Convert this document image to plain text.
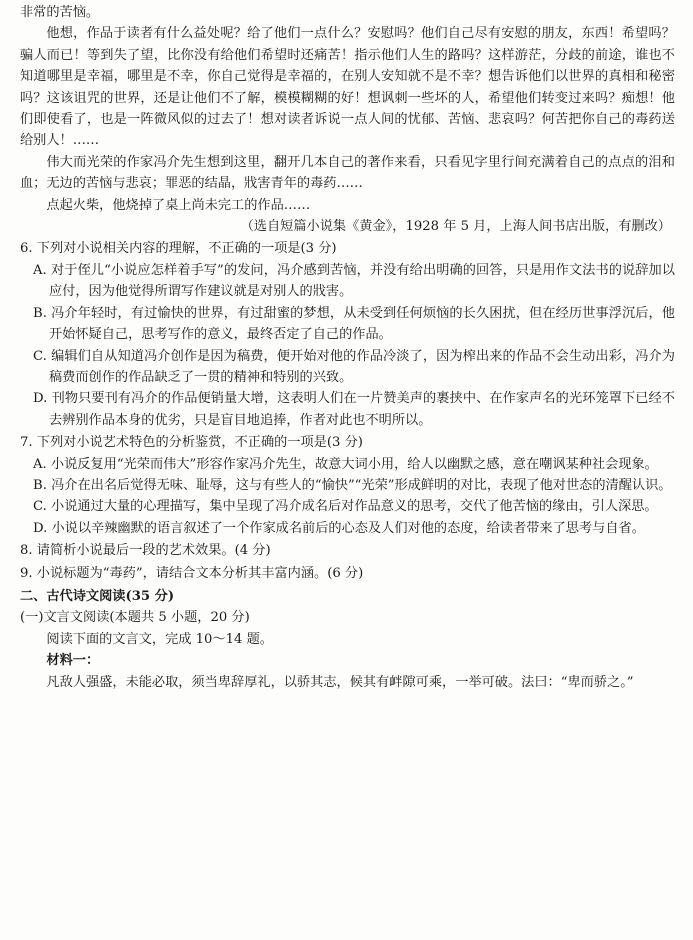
非常的苦恼。

他想，作品于读者有什么益处呢？给了他们一点什么？安慰吗？他们自己尽有安慰的朋友，东西！希望吗？骗人而已！等到失了望，比你没有给他们希望时还痛苦！指示他们人生的路吗？这样游茫，分歧的前途，谁也不知道哪里是幸福，哪里是不幸，你自己觉得是幸福的，在别人安知就不是不幸？想告诉他们以世界的真相和秘密吗？这该诅咒的世界，还是让他们不了解，模模糊糊的好！想讽刺一些坏的人，希望他们转变过来吗？痴想！他们即使看了，也是一阵微风似的过去了！想对读者诉说一点人间的忧郁、苦恼、悲哀吗？何苦把你自己的毒药送给别人！……

伟大而光荣的作家冯介先生想到这里，翻开几本自己的著作来看，只看见字里行间充满着自己的点点的泪和血；无边的苦恼与悲哀；罪恶的结晶，戕害青年的毒药……

点起火柴，他烧掉了桌上尚未完工的作品……

（选自短篇小说集《黄金》，1928 年 5 月，上海人间书店出版，有删改）

6. 下列对小说相关内容的理解，不正确的一项是(3 分)

A. 对于侄儿“小说应怎样着手写”的发问，冯介感到苦恼，并没有给出明确的回答，只是用作文法书的说辞加以应付，因为他觉得所谓写作建议就是对别人的戕害。

B. 冯介年轻时，有过愉快的世界，有过甜蜜的梦想，从未受到任何烦恼的长久困扰，但在经历世事浮沉后，他开始怀疑自己，思考写作的意义，最终否定了自己的作品。

C. 编辑们自从知道冯介创作是因为稿费，便开始对他的作品冷淡了，因为榨出来的作品不会生动出彩，冯介为稿费而创作的作品缺乏了一贯的精神和特别的兴致。

D. 刊物只要刊有冯介的作品便销量大增，这表明人们在一片赞美声的裹挟中、在作家声名的光环笼罩下已经不去辨别作品本身的优劣，只是盲目地追捧，作者对此也不明所以。

7. 下列对小说艺术特色的分析鉴赏，不正确的一项是(3 分)

A. 小说反复用“光荣而伟大”形容作家冯介先生，故意大词小用，给人以幽默之感，意在嘲讽某种社会现象。

B. 冯介在出名后觉得无味、耻辱，这与有些人的“愉快”“光荣”形成鲜明的对比，表现了他对世态的清醒认识。

C. 小说通过大量的心理描写，集中呈现了冯介成名后对作品意义的思考，交代了他苦恼的缘由，引人深思。

D. 小说以辛辣幽默的语言叙述了一个作家成名前后的心态及人们对他的态度，给读者带来了思考与自省。

8. 请简析小说最后一段的艺术效果。(4 分)

9. 小说标题为“毒药”，请结合文本分析其丰富内涵。(6 分)

二、古代诗文阅读(35 分)

(一)文言文阅读(本题共 5 小题，20 分)

阅读下面的文言文，完成 10～14 题。

材料一：

凡敌人强盛，未能必取，须当卑辞厚礼，以骄其志，候其有衅隙可乘，一举可破。法曰：“卑而骄之。”
